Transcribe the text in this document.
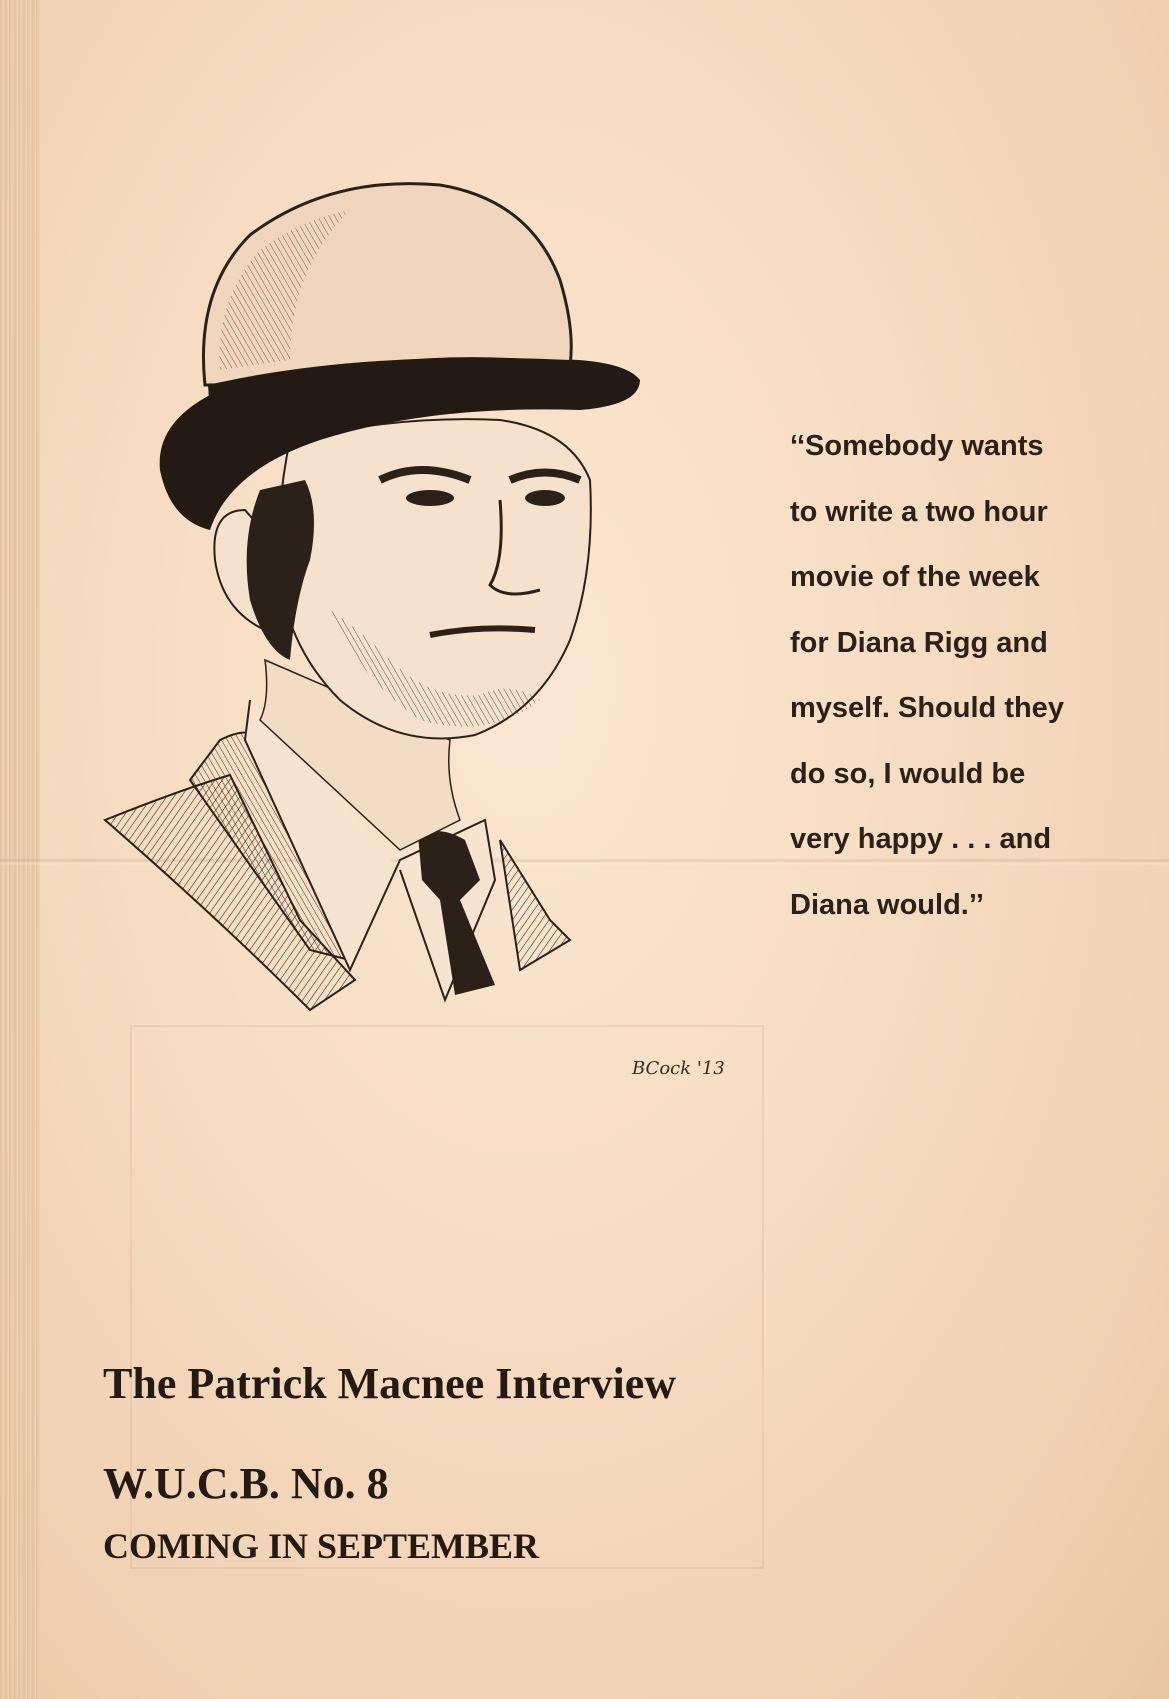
BCock '13

‘‘Somebody wants
to write a two hour
movie of the week
for Diana Rigg and
myself. Should they
do so, I would be
very happy . . . and
Diana would.’’

The Patrick Macnee Interview
W.U.C.B. No. 8
COMING IN SEPTEMBER
